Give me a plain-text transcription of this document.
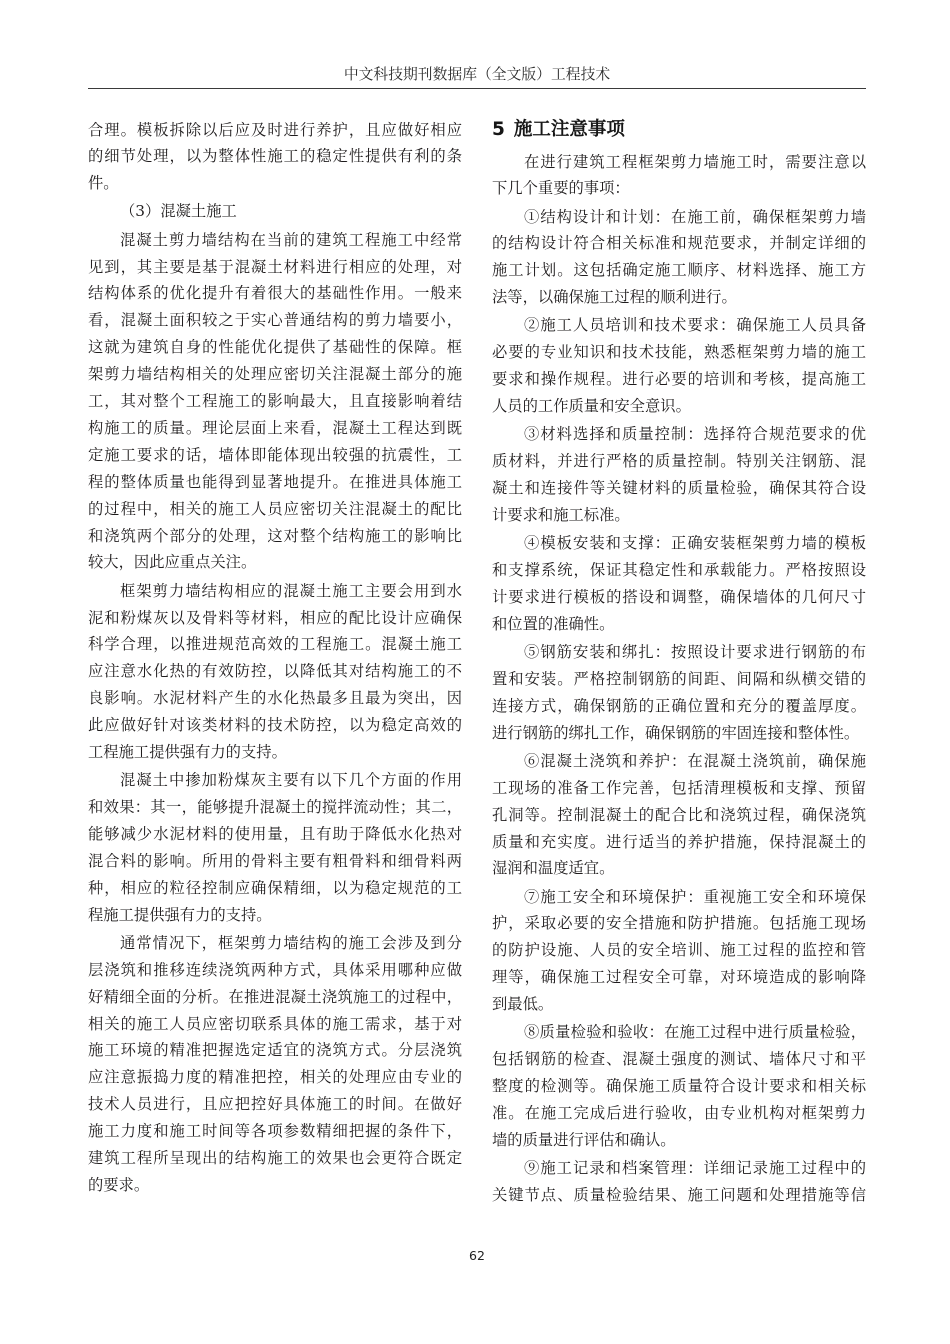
中文科技期刊数据库（全文版）工程技术
合理。模板拆除以后应及时进行养护，且应做好相应
的细节处理，以为整体性施工的稳定性提供有利的条
件。
（3）混凝土施工
混凝土剪力墙结构在当前的建筑工程施工中经常
见到，其主要是基于混凝土材料进行相应的处理，对
结构体系的优化提升有着很大的基础性作用。一般来
看，混凝土面积较之于实心普通结构的剪力墙要小，
这就为建筑自身的性能优化提供了基础性的保障。框
架剪力墙结构相关的处理应密切关注混凝土部分的施
工，其对整个工程施工的影响最大，且直接影响着结
构施工的质量。理论层面上来看，混凝土工程达到既
定施工要求的话，墙体即能体现出较强的抗震性，工
程的整体质量也能得到显著地提升。在推进具体施工
的过程中，相关的施工人员应密切关注混凝土的配比
和浇筑两个部分的处理，这对整个结构施工的影响比
较大，因此应重点关注。
框架剪力墙结构相应的混凝土施工主要会用到水
泥和粉煤灰以及骨料等材料，相应的配比设计应确保
科学合理，以推进规范高效的工程施工。混凝土施工
应注意水化热的有效防控，以降低其对结构施工的不
良影响。水泥材料产生的水化热最多且最为突出，因
此应做好针对该类材料的技术防控，以为稳定高效的
工程施工提供强有力的支持。
混凝土中掺加粉煤灰主要有以下几个方面的作用
和效果：其一，能够提升混凝土的搅拌流动性；其二，
能够减少水泥材料的使用量，且有助于降低水化热对
混合料的影响。所用的骨料主要有粗骨料和细骨料两
种，相应的粒径控制应确保精细，以为稳定规范的工
程施工提供强有力的支持。
通常情况下，框架剪力墙结构的施工会涉及到分
层浇筑和推移连续浇筑两种方式，具体采用哪种应做
好精细全面的分析。在推进混凝土浇筑施工的过程中，
相关的施工人员应密切联系具体的施工需求，基于对
施工环境的精准把握选定适宜的浇筑方式。分层浇筑
应注意振捣力度的精准把控，相关的处理应由专业的
技术人员进行，且应把控好具体施工的时间。在做好
施工力度和施工时间等各项参数精细把握的条件下，
建筑工程所呈现出的结构施工的效果也会更符合既定
的要求。
5 施工注意事项
在进行建筑工程框架剪力墙施工时，需要注意以
下几个重要的事项：
①结构设计和计划：在施工前，确保框架剪力墙
的结构设计符合相关标准和规范要求，并制定详细的
施工计划。这包括确定施工顺序、材料选择、施工方
法等，以确保施工过程的顺利进行。
②施工人员培训和技术要求：确保施工人员具备
必要的专业知识和技术技能，熟悉框架剪力墙的施工
要求和操作规程。进行必要的培训和考核，提高施工
人员的工作质量和安全意识。
③材料选择和质量控制：选择符合规范要求的优
质材料，并进行严格的质量控制。特别关注钢筋、混
凝土和连接件等关键材料的质量检验，确保其符合设
计要求和施工标准。
④模板安装和支撑：正确安装框架剪力墙的模板
和支撑系统，保证其稳定性和承载能力。严格按照设
计要求进行模板的搭设和调整，确保墙体的几何尺寸
和位置的准确性。
⑤钢筋安装和绑扎：按照设计要求进行钢筋的布
置和安装。严格控制钢筋的间距、间隔和纵横交错的
连接方式，确保钢筋的正确位置和充分的覆盖厚度。
进行钢筋的绑扎工作，确保钢筋的牢固连接和整体性。
⑥混凝土浇筑和养护：在混凝土浇筑前，确保施
工现场的准备工作完善，包括清理模板和支撑、预留
孔洞等。控制混凝土的配合比和浇筑过程，确保浇筑
质量和充实度。进行适当的养护措施，保持混凝土的
湿润和温度适宜。
⑦施工安全和环境保护：重视施工安全和环境保
护，采取必要的安全措施和防护措施。包括施工现场
的防护设施、人员的安全培训、施工过程的监控和管
理等，确保施工过程安全可靠，对环境造成的影响降
到最低。
⑧质量检验和验收：在施工过程中进行质量检验，
包括钢筋的检查、混凝土强度的测试、墙体尺寸和平
整度的检测等。确保施工质量符合设计要求和相关标
准。在施工完成后进行验收，由专业机构对框架剪力
墙的质量进行评估和确认。
⑨施工记录和档案管理：详细记录施工过程中的
关键节点、质量检验结果、施工问题和处理措施等信
62
